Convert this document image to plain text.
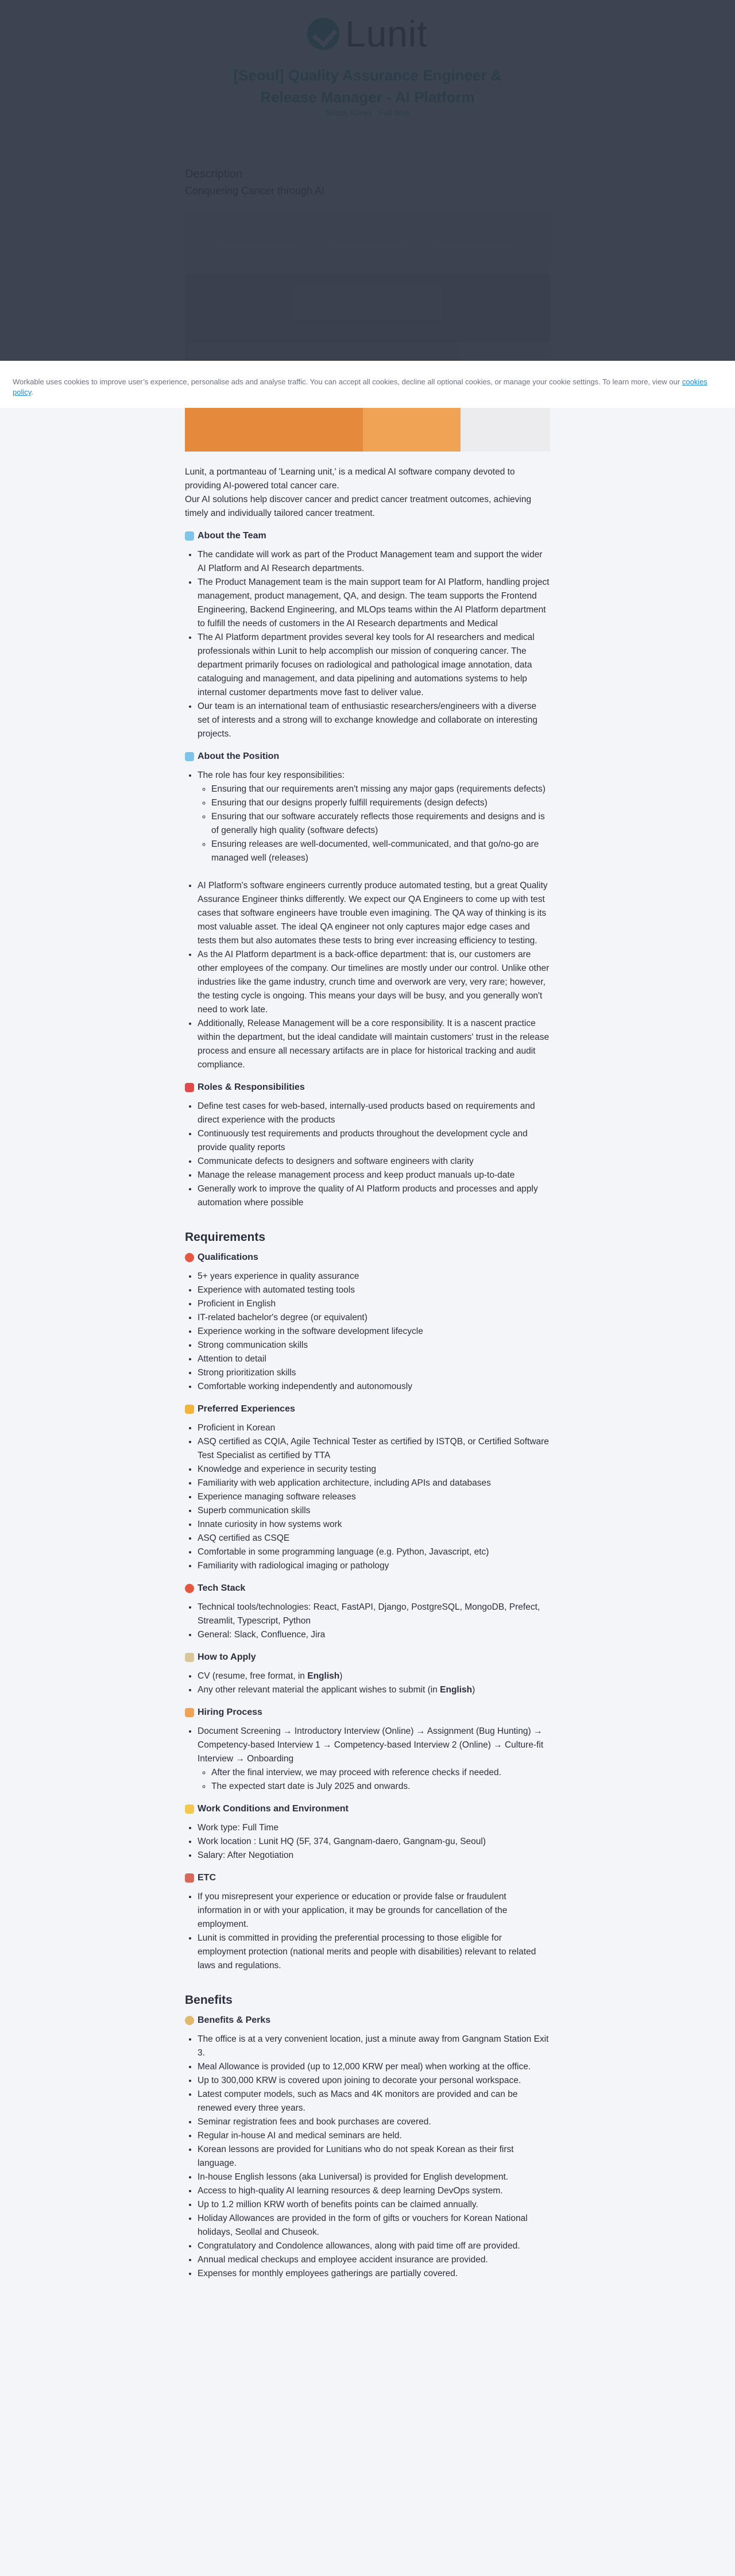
Lunit, a portmanteau of 'Learning unit,' is a medical AI software company devoted to providing AI-powered total cancer care.
Our AI solutions help discover cancer and predict cancer treatment outcomes, achieving timely and individually tailored cancer treatment.

About the Team
• The candidate will work as part of the Product Management team and support the wider AI Platform and AI Research departments.
• The Product Management team is the main support team for AI Platform, handling project management, product management, QA, and design. The team supports the Frontend Engineering, Backend Engineering, and MLOps teams within the AI Platform department to fulfill the needs of customers in the AI Research departments and Medical
• The AI Platform department provides several key tools for AI researchers and medical professionals within Lunit to help accomplish our mission of conquering cancer. The department primarily focuses on radiological and pathological image annotation, data cataloguing and management, and data pipelining and automations systems to help internal customer departments move fast to deliver value.
• Our team is an international team of enthusiastic researchers/engineers with a diverse set of interests and a strong will to exchange knowledge and collaborate on interesting projects.
About the Position
• The role has four key responsibilities:
◦ Ensuring that our requirements aren't missing any major gaps (requirements defects)
◦ Ensuring that our designs properly fulfill requirements (design defects)
◦ Ensuring that our software accurately reflects those requirements and designs and is of generally high quality (software defects)
◦ Ensuring releases are well-documented, well-communicated, and that go/no-go are managed well (releases)

• AI Platform's software engineers currently produce automated testing, but a great Quality Assurance Engineer thinks differently. We expect our QA Engineers to come up with test cases that software engineers have trouble even imagining. The QA way of thinking is its most valuable asset. The ideal QA engineer not only captures major edge cases and tests them but also automates these tests to bring ever increasing efficiency to testing.
• As the AI Platform department is a back-office department: that is, our customers are other employees of the company. Our timelines are mostly under our control. Unlike other industries like the game industry, crunch time and overwork are very, very rare; however, the testing cycle is ongoing. This means your days will be busy, and you generally won't need to work late.
• Additionally, Release Management will be a core responsibility. It is a nascent practice within the department, but the ideal candidate will maintain customers' trust in the release process and ensure all necessary artifacts are in place for historical tracking and audit compliance.
Roles & Responsibilities
• Define test cases for web-based, internally-used products based on requirements and direct experience with the products
• Continuously test requirements and products throughout the development cycle and provide quality reports
• Communicate defects to designers and software engineers with clarity
• Manage the release management process and keep product manuals up-to-date
• Generally work to improve the quality of AI Platform products and processes and apply automation where possible
Requirements
Qualifications
• 5+ years experience in quality assurance
• Experience with automated testing tools
• Proficient in English
• IT-related bachelor's degree (or equivalent)
• Experience working in the software development lifecycle
• Strong communication skills
• Attention to detail
• Strong prioritization skills
• Comfortable working independently and autonomously
Preferred Experiences
• Proficient in Korean
• ASQ certified as CQIA, Agile Technical Tester as certified by ISTQB, or Certified Software Test Specialist as certified by TTA
• Knowledge and experience in security testing
• Familiarity with web application architecture, including APIs and databases
• Experience managing software releases
• Superb communication skills
• Innate curiosity in how systems work
• ASQ certified as CSQE
• Comfortable in some programming language (e.g. Python, Javascript, etc)
• Familiarity with radiological imaging or pathology
Tech Stack
• Technical tools/technologies: React, FastAPI, Django, PostgreSQL, MongoDB, Prefect, Streamlit, Typescript, Python
• General: Slack, Confluence, Jira
How to Apply
• CV (resume, free format, in English)
• Any other relevant material the applicant wishes to submit (in English)
Hiring Process
• Document Screening → Introductory Interview (Online) → Assignment (Bug Hunting) → Competency-based Interview 1 → Competency-based Interview 2 (Online) → Culture-fit Interview → Onboarding
◦ After the final interview, we may proceed with reference checks if needed.
◦ The expected start date is July 2025 and onwards.
Work Conditions and Environment
• Work type: Full Time
• Work location : Lunit HQ (5F, 374, Gangnam-daero, Gangnam-gu, Seoul)
• Salary: After Negotiation
ETC
• If you misrepresent your experience or education or provide false or fraudulent information in or with your application, it may be grounds for cancellation of the employment.
• Lunit is committed in providing the preferential processing to those eligible for employment protection (national merits and people with disabilities) relevant to related laws and regulations.
Benefits
Benefits & Perks
• The office is at a very convenient location, just a minute away from Gangnam Station Exit 3.
• Meal Allowance is provided (up to 12,000 KRW per meal) when working at the office.
• Up to 300,000 KRW is covered upon joining to decorate your personal workspace.
• Latest computer models, such as Macs and 4K monitors are provided and can be renewed every three years.
• Seminar registration fees and book purchases are covered.
• Regular in-house AI and medical seminars are held.
• Korean lessons are provided for Lunitians who do not speak Korean as their first language.
• In-house English lessons (aka Luniversal) is provided for English development.
• Access to high-quality AI learning resources & deep learning DevOps system.
• Up to 1.2 million KRW worth of benefits points can be claimed annually.
• Holiday Allowances are provided in the form of gifts or vouchers for Korean National holidays, Seollal and Chuseok.
• Congratulatory and Condolence allowances, along with paid time off are provided.
• Annual medical checkups and employee accident insurance are provided.
• Expenses for monthly employees gatherings are partially covered.
Workable uses cookies to improve user’s experience, personalise ads and analyse traffic. You can accept all cookies, decline all optional cookies, or manage your cookie settings. To learn more, view our cookies policy.
